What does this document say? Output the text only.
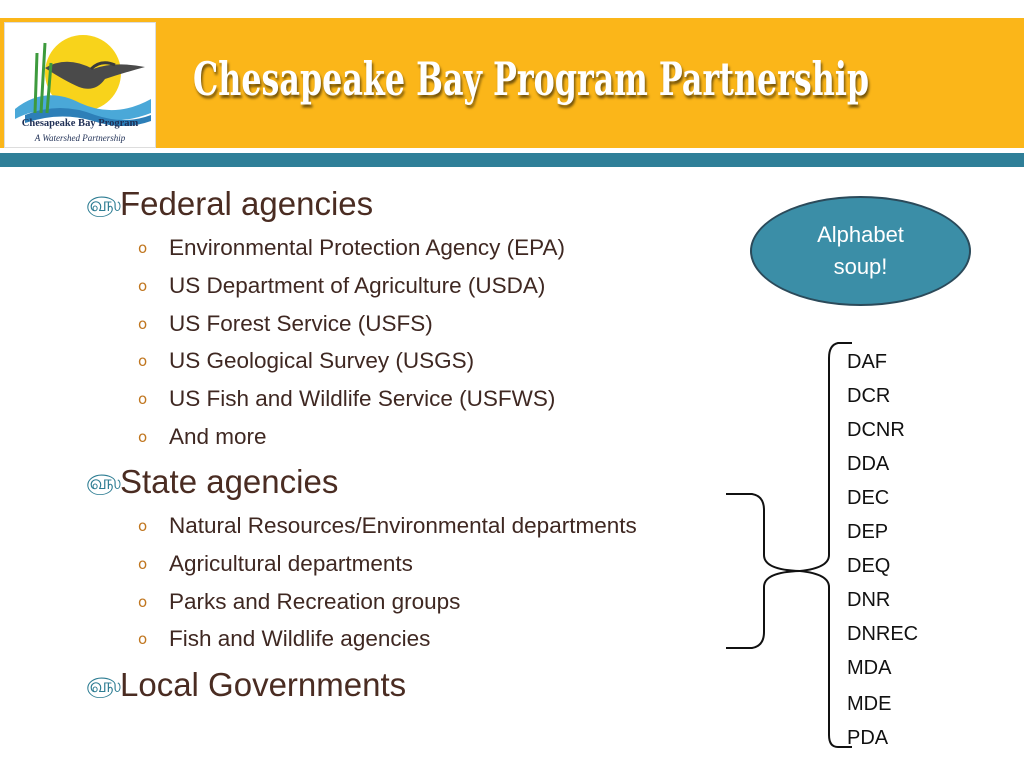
Chesapeake Bay Program
A Watershed Partnership
Chesapeake Bay Program Partnership
௵Federal agencies
o Environmental Protection Agency (EPA)
o US Department of Agriculture (USDA)
o US Forest Service (USFS)
o US Geological Survey (USGS)
o US Fish and Wildlife Service (USFWS)
o And more
௵State agencies
o Natural Resources/Environmental departments
o Agricultural departments
o Parks and Recreation groups
o Fish and Wildlife agencies
௵Local Governments
Alphabet
soup!
DAF
DCR
DCNR
DDA
DEC
DEP
DEQ
DNR
DNREC
MDA
MDE
PDA
